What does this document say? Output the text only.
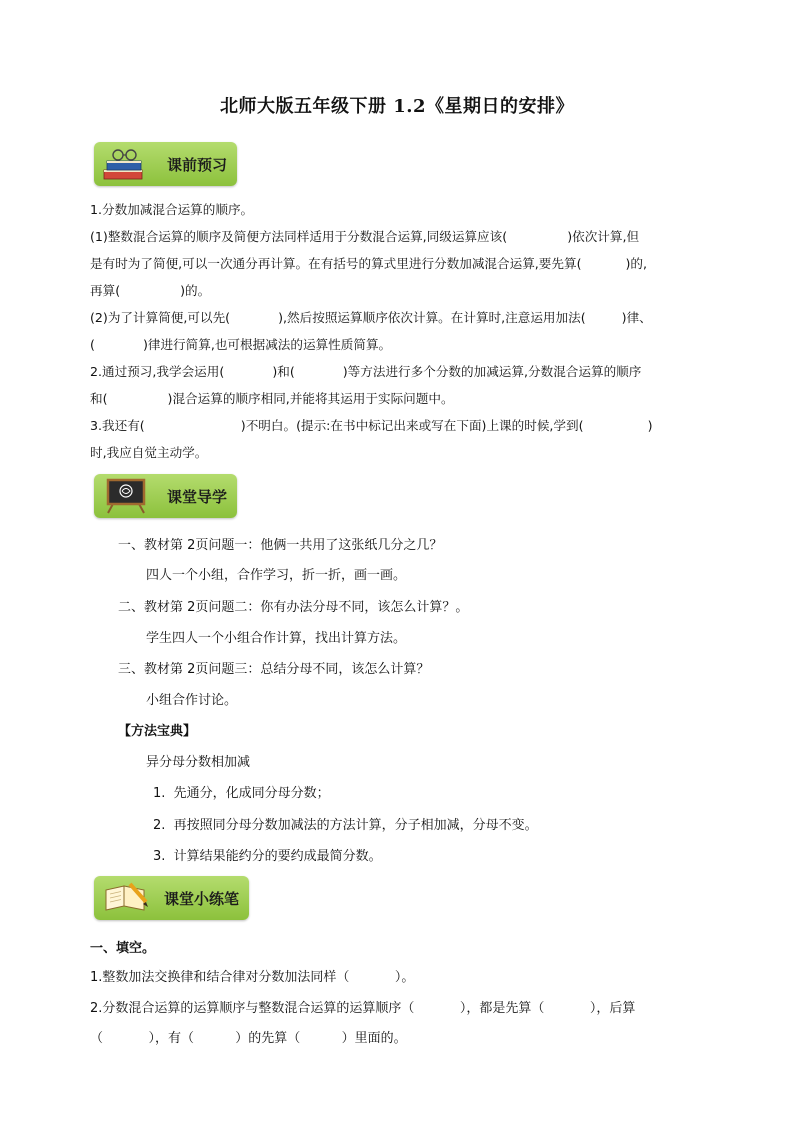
北师大版五年级下册 1.2《星期日的安排》
课前预习
1.分数加减混合运算的顺序。
(1)整数混合运算的顺序及简便方法同样适用于分数混合运算,同级运算应该(               )依次计算,但
是有时为了简便,可以一次通分再计算。在有括号的算式里进行分数加减混合运算,要先算(           )的,
再算(               )的。
(2)为了计算简便,可以先(            ),然后按照运算顺序依次计算。在计算时,注意运用加法(         )律、
(            )律进行简算,也可根据减法的运算性质简算。
2.通过预习,我学会运用(            )和(            )等方法进行多个分数的加减运算,分数混合运算的顺序
和(               )混合运算的顺序相同,并能将其运用于实际问题中。
3.我还有(                        )不明白。(提示:在书中标记出来或写在下面)上课的时候,学到(                )
时,我应自觉主动学。
课堂导学
一、教材第 2页问题一：他俩一共用了这张纸几分之几？
四人一个小组，合作学习，折一折，画一画。
二、教材第 2页问题二：你有办法分母不同，该怎么计算？。
学生四人一个小组合作计算，找出计算方法。
三、教材第 2页问题三：总结分母不同，该怎么计算？
小组合作讨论。
【方法宝典】
异分母分数相加减
1.  先通分，化成同分母分数；
2.  再按照同分母分数加减法的方法计算，分子相加减，分母不变。
3.  计算结果能约分的要约成最简分数。
课堂小练笔
一、填空。
1.整数加法交换律和结合律对分数加法同样（           ）。
2.分数混合运算的运算顺序与整数混合运算的运算顺序（           ），都是先算（           ），后算
（           ），有（          ）的先算（          ）里面的。
